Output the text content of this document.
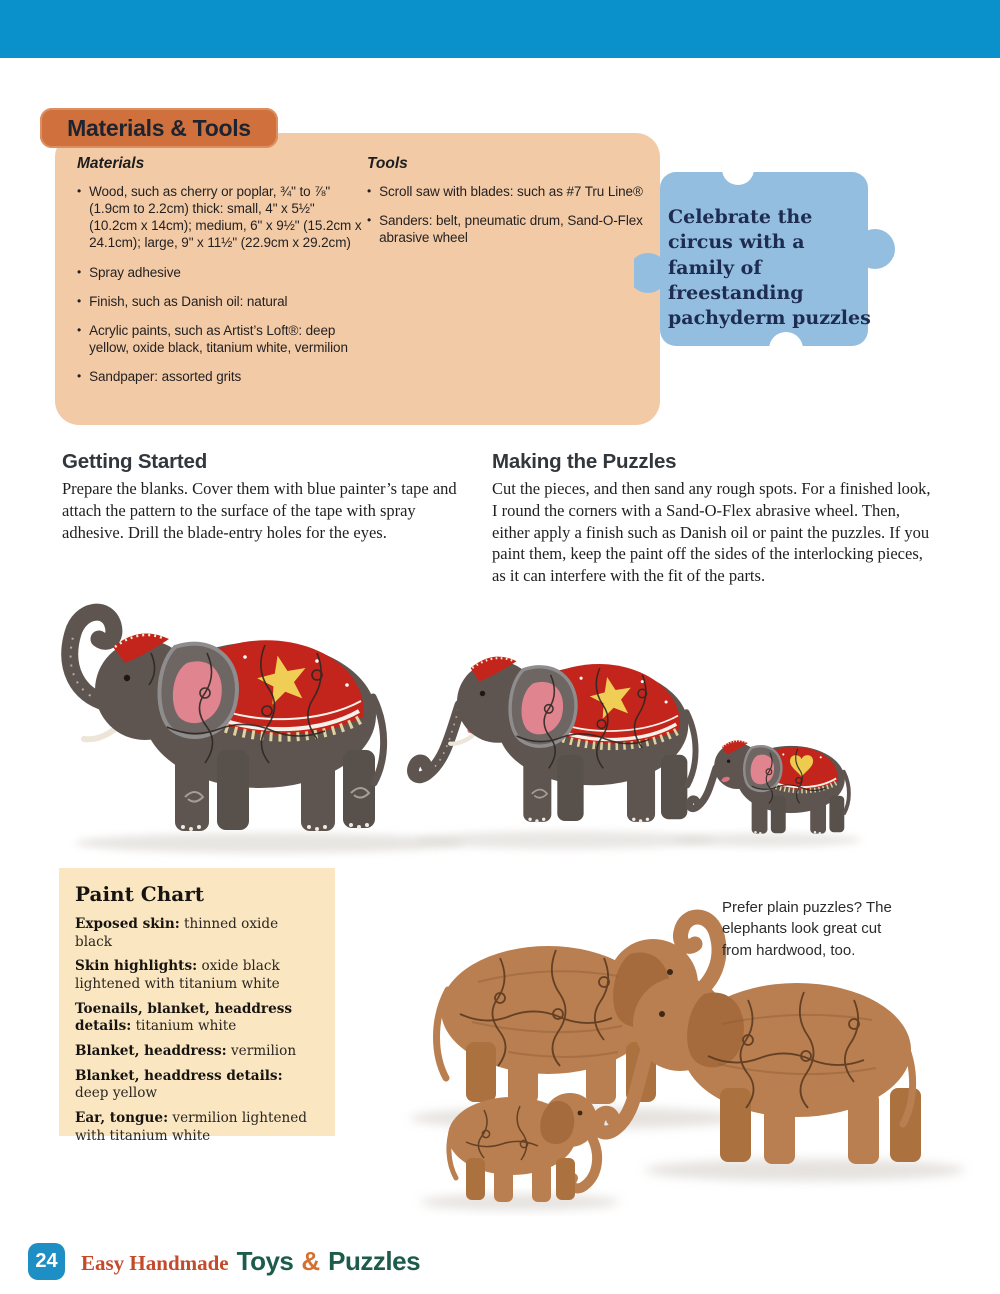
Materials

• Wood, such as cherry or poplar, ¾" to ⅞" (1.9cm to 2.2cm) thick: small, 4" x 5½" (10.2cm x 14cm); medium, 6" x 9½" (15.2cm x 24.1cm); large, 9" x 11½" (22.9cm x 29.2cm)
• Spray adhesive
• Finish, such as Danish oil: natural
• Acrylic paints, such as Artist’s Loft®: deep yellow, oxide black, titanium white, vermilion
• Sandpaper: assorted grits

Tools

• Scroll saw with blades: such as #7 Tru Line®
• Sanders: belt, pneumatic drum, Sand-O-Flex abrasive wheel
Materials & Tools
Celebrate the circus with a family of freestanding pachyderm puzzles
Getting Started

Prepare the blanks. Cover them with blue painter’s tape and attach the pattern to the surface of the tape with spray adhesive. Drill the blade-entry holes for the eyes.

Making the Puzzles

Cut the pieces, and then sand any rough spots. For a finished look, I round the corners with a Sand-O-Flex abrasive wheel. Then, either apply a finish such as Danish oil or paint the puzzles. If you paint them, keep the paint off the sides of the interlocking pieces, as it can interfere with the fit of the parts.

Paint Chart

Exposed skin: thinned oxide black

Skin highlights: oxide black lightened with titanium white

Toenails, blanket, headdress details: titanium white

Blanket, headdress: vermilion

Blanket, headdress details: deep yellow

Ear, tongue: vermilion lightened with titanium white

Prefer plain puzzles? The elephants look great cut from hardwood, too.
24 Easy Handmade Toys & Puzzles
